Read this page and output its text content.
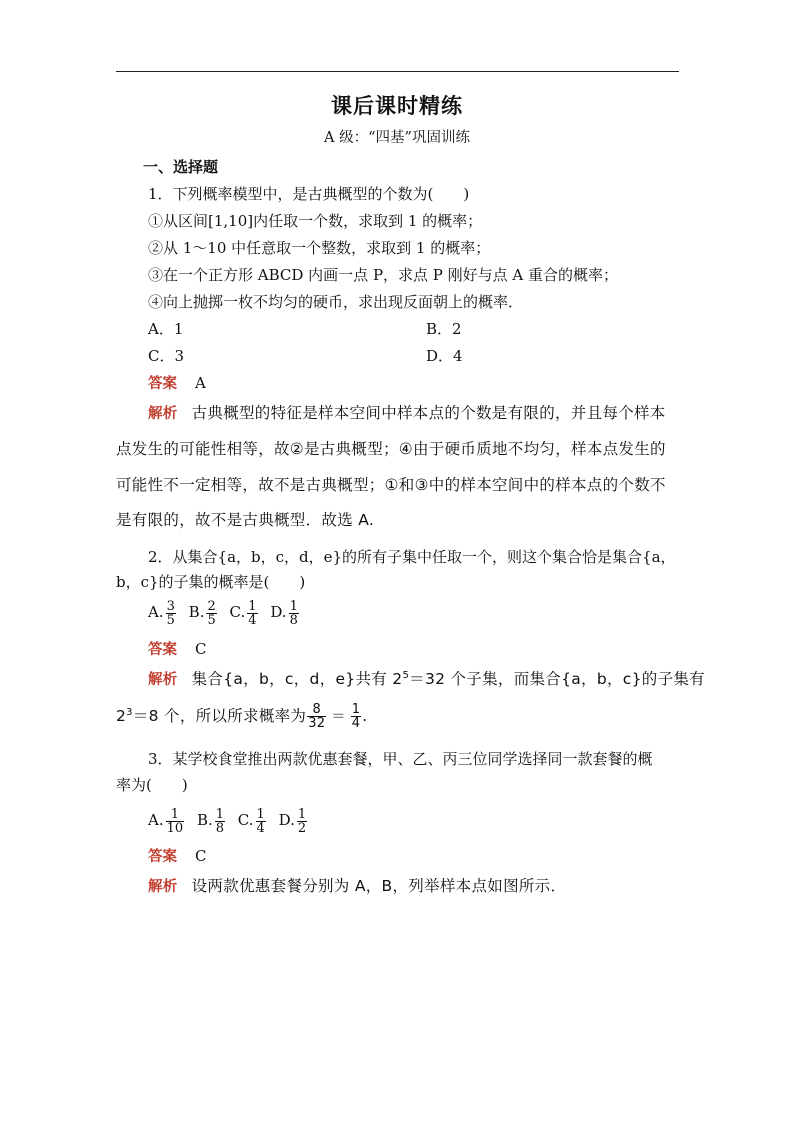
课后课时精练
A 级：“四基”巩固训练
一、选择题
1．下列概率模型中，是古典概型的个数为(　　)
①从区间[1,10]内任取一个数，求取到 1 的概率；
②从 1～10 中任意取一个整数，求取到 1 的概率；
③在一个正方形 ABCD 内画一点 P，求点 P 刚好与点 A 重合的概率；
④向上抛掷一枚不均匀的硬币，求出现反面朝上的概率．
A．1	B．2
C．3	D．4
答案 A
解析 古典概型的特征是样本空间中样本点的个数是有限的，并且每个样本
点发生的可能性相等，故②是古典概型；④由于硬币质地不均匀，样本点发生的
可能性不一定相等，故不是古典概型；①和③中的样本空间中的样本点的个数不
是有限的，故不是古典概型．故选 A.
2．从集合{a，b，c，d，e}的所有子集中任取一个，则这个集合恰是集合{a，
b，c}的子集的概率是(　　)
A. $\frac{3}{5} B$. $\frac{2}{5} C$. $\frac{1}{4} D$. $\frac{1}{8}$
答案 C
解析 集合{a，b，c，d，e}共有 $2^5=32$ 个子集，而集合{a，b，c}的子集有
$2^3=8$ 个，所以所求概率为 $\frac{8}{32} = \frac{1}{4}$ .
3．某学校食堂推出两款优惠套餐，甲、乙、丙三位同学选择同一款套餐的概
率为(　　)
A. $\frac{1}{10} B$. $\frac{1}{8} C$. $\frac{1}{4} D$. $\frac{1}{2}$
答案 C
解析 设两款优惠套餐分别为 A，B，列举样本点如图所示．
